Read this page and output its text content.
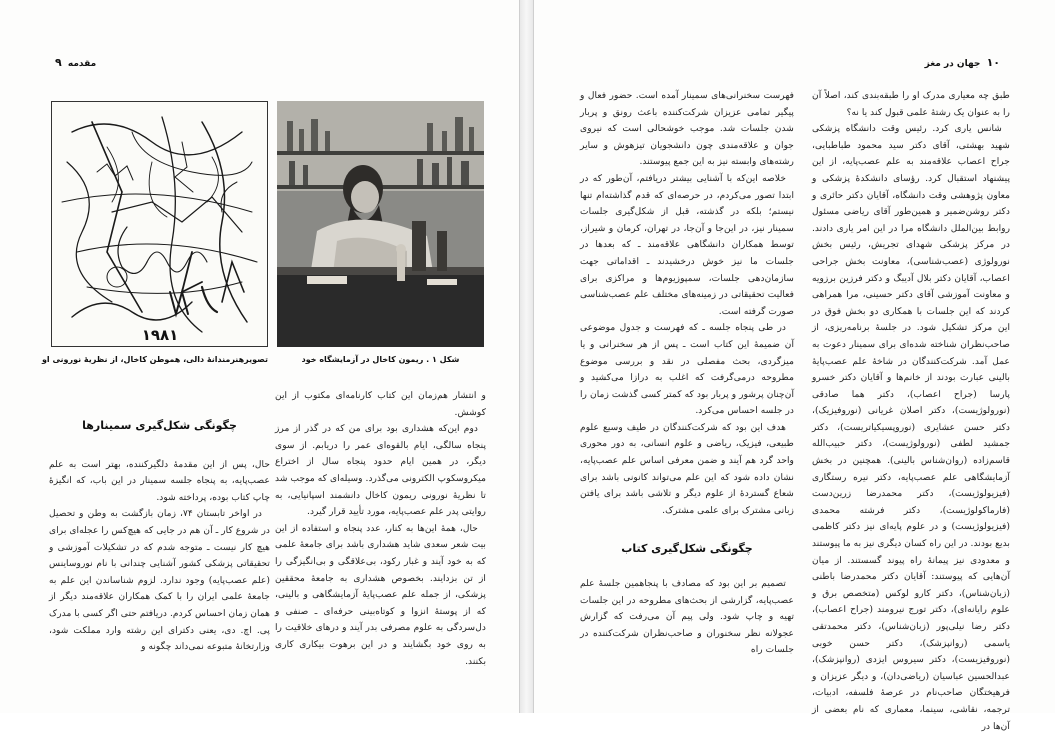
مقدمه ۹
۱۹۸۱
تصویرهنرمندانهٔ دالی، هموطن کاخال، از نظریهٔ نورونی او	شکل ۱ . ریمون کاخال در آزمایشگاه خود

و انتشار هم‌زمان این کتاب کارنامه‌ای مکتوب از این کوشش.

دوم این‌که هشداری بود برای من که در گذر از مرز پنجاه سالگی، ایام بالقوه‌ای عمر را دریابم. از سوی دیگر، در همین ایام حدود پنجاه سال از اختراع میکروسکوپ الکترونی می‌گذرد. وسیله‌ای که موجب شد تا نظریهٔ نورونی ریمون کاخال دانشمند اسپانیایی، به روایتی پدر علم عصب‌پایه، مورد تأیید قرار گیرد.

حال، همهٔ این‌ها به کنار، عدد پنجاه و استفاده از این بیت شعر سعدی شاید هشداری باشد برای جامعهٔ علمی که به خود آیند و غبار رکود، بی‌علاقگی و بی‌انگیزگی را از تن بزدایند. بخصوص هشداری به جامعهٔ محققین پزشکی، از جمله علم عصب‌پایهٔ آزمایشگاهی و بالینی، که از پوستهٔ انزوا و کوتاه‌بینی حرفه‌ای ـ صنفی و دل‌سردگی به علوم مصرفی بدر آیند و درهای خلاقیت را به روی خود بگشایند و در این برهوت بیکاری کاری بکنند.

چگونگی شکل‌گیری سمینارها

حال، پس از این مقدمهٔ دلگیرکننده، بهتر است به علم عصب‌پایه، به پنجاه جلسه سمینار در این باب، که انگیزهٔ چاپ کتاب بوده، پرداخته شود.

در اواخر تابستان ۷۴، زمان بازگشت به وطن و تحصیل در شروع کار ـ آن هم در جایی که هیچ‌کس را عجله‌ای برای هیچ کار نیست ـ متوجه شدم که در تشکیلات آموزشی و تحقیقاتی پزشکی کشور آشنایی چندانی با نام نوروساینس (علم عصب‌پایه) وجود ندارد. لزوم شناساندن این علم به جامعهٔ علمی ایران را با کمک همکاران علاقه‌مند دیگر از همان زمان احساس کردم. دریافتم حتی اگر کسی با مدرک پی. اچ. دی، یعنی دکترای این رشته وارد مملکت شود، وزارتخانهٔ متبوعه نمی‌داند چگونه و

۱۰ جهان در مغز

طبق چه معیاری مدرک او را طبقه‌بندی کند، اصلاً آن را به عنوان یک رشتهٔ علمی قبول کند یا نه؟

شانس یاری کرد. رئیس وقت دانشگاه پزشکی شهید بهشتی، آقای دکتر سید محمود طباطبایی، جراح اعصاب علاقه‌مند به علم عصب‌پایه، از این پیشنهاد استقبال کرد. رؤسای دانشکدهٔ پزشکی و معاون پژوهشی وقت دانشگاه، آقایان دکتر حائری و دکتر روشن‌ضمیر و همین‌طور آقای ریاضی مسئول روابط بین‌الملل دانشگاه مرا در این امر یاری دادند. در مرکز پزشکی شهدای تجریش، رئیس بخش نورولوژی (عصب‌شناسی)، معاونت بخش جراحی اعصاب، آقایان دکتر بلال آدیبگ و دکتر فرزین برزویه و معاونت آموزشی آقای دکتر حسینی، مرا همراهی کردند که این جلسات با همکاری دو بخش فوق در این مرکز تشکیل شود. در جلسهٔ برنامه‌ریزی، از صاحب‌نظران شناخته شده‌ای برای سمینار دعوت به عمل آمد. شرکت‌کنندگان در شاخهٔ علم عصب‌پایهٔ بالینی عبارت بودند از خانم‌ها و آقایان دکتر خسرو پارسا (جراح اعصاب)، دکتر هما صادقی (نورولوژیست)، دکتر اصلان غریانی (نوروفیزیک)، دکتر حسن عشایری (نوروپسیکیاتریست)، دکتر جمشید لطفی (نورولوژیست)، دکتر حبیب‌الله قاسم‌زاده (روان‌شناس بالینی). همچنین در بخش آزمایشگاهی علم عصب‌پایه، دکتر نیره رستگاری (فیزیولوژیست)، دکتر محمدرضا زرین‌دست (فارماکولوژیست)، دکتر فرشته محمدی (فیزیولوژیست) و در علوم پایه‌ای نیز دکتر کاظمی بدیع بودند. در این راه کسان دیگری نیز به ما پیوستند و معدودی نیز پیمانهٔ راه پیوند گسستند. از میان آن‌هایی که پیوستند: آقایان دکتر محمدرضا باطنی (زبان‌شناس)، دکتر کارو لوکس (متخصص برق و علوم رایانه‌ای)، دکتر تورج نیرومند (جراح اعصاب)، دکتر رضا نیلی‌پور (زبان‌شناس)، دکتر محمدتقی یاسمی (روانپزشک)، دکتر حسن خوبی (نوروفیزیست)، دکتر سیروس ایزدی (روانپزشک)، عبدالحسین عباسیان (ریاضی‌دان)، و دیگر عزیزان و فرهیختگان صاحب‌نام در عرصهٔ فلسفه، ادبیات، ترجمه، نقاشی، سینما، معماری که نام بعضی از آن‌ها در

فهرست سخنرانی‌های سمینار آمده است. حضور فعال و پیگیر تمامی عزیزان شرکت‌کننده باعث رونق و پربار شدن جلسات شد. موجب خوشحالی است که نیروی جوان و علاقه‌مندی چون دانشجویان تیزهوش و سایر رشته‌های وابسته نیز به این جمع پیوستند.

خلاصه این‌که با آشنایی بیشتر دریافتم، آن‌طور که در ابتدا تصور می‌کردم، در حرصه‌ای که قدم گذاشته‌ام تنها نیستم؛ بلکه در گذشته، قبل از شکل‌گیری جلسات سمینار نیز، در این‌جا و آن‌جا، در تهران، کرمان و شیراز، توسط همکاران دانشگاهی علاقه‌مند ـ که بعدها در جلسات ما نیز خوش درخشیدند ـ اقداماتی جهت سازمان‌دهی جلسات، سمپوزیوم‌ها و مراکزی برای فعالیت تحقیقاتی در زمینه‌های مختلف علم عصب‌شناسی صورت گرفته است.

در طی پنجاه جلسه ـ که فهرست و جدول موضوعی آن ضمیمهٔ این کتاب است ـ پس از هر سخنرانی و یا میزگردی، بحث مفصلی در نقد و بررسی موضوع مطروحه درمی‌گرفت که اغلب به درازا می‌کشید و آن‌چنان پرشور و پربار بود که کمتر کسی گذشت زمان را در جلسه احساس می‌کرد.

هدف این بود که شرکت‌کنندگان در طیف وسیع علوم طبیعی، فیزیک، ریاضی و علوم انسانی، به دور محوری واحد گرد هم آیند و ضمن معرفی اساس علم عصب‌پایه، نشان داده شود که این علم می‌تواند کانونی باشد برای شعاع گستردهٔ از علوم دیگر و تلاشی باشد برای یافتن زبانی مشترک برای علمی مشترک.

چگونگی شکل‌گیری کتاب

تصمیم بر این بود که مصادف با پنجاهمین جلسهٔ علم عصب‌پایه، گزارشی از بحث‌های مطروحه در این جلسات تهیه و چاپ شود. ولی پیم آن می‌رفت که گزارش عجولانه نظر سخنوران و صاحب‌نظران شرکت‌کننده در جلسات راه
